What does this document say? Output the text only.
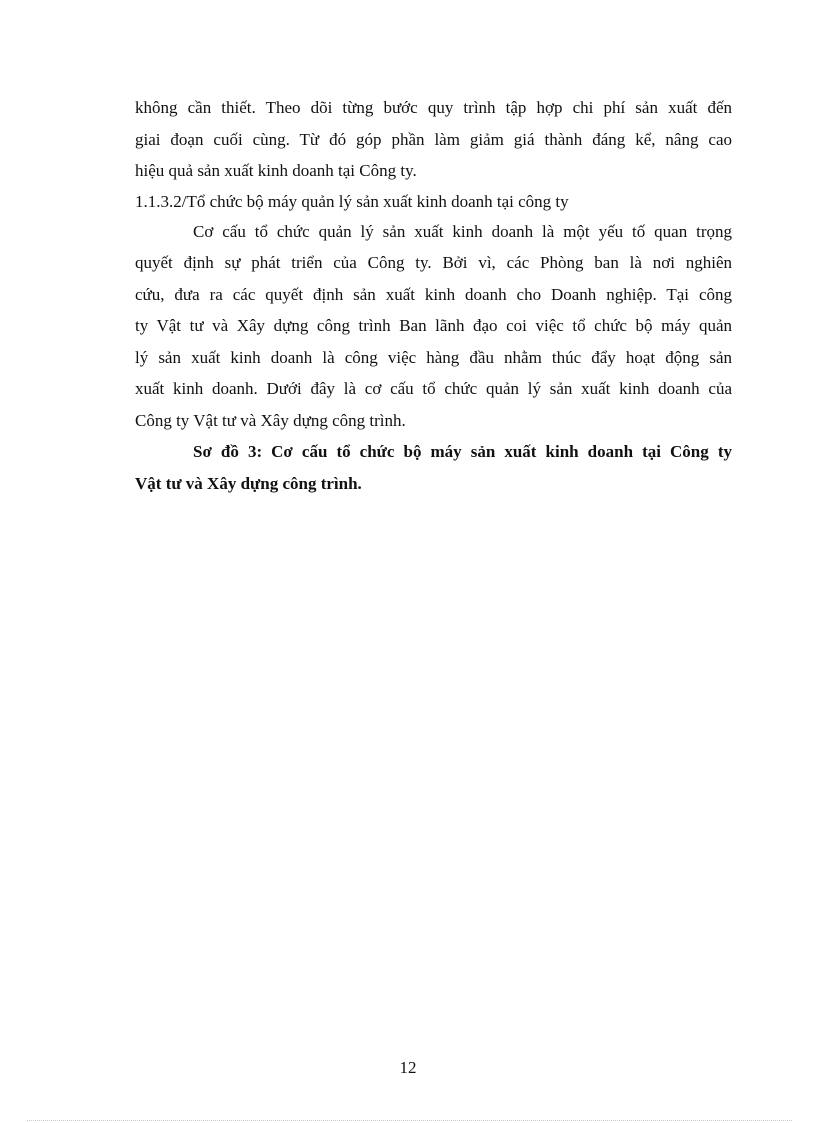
không cần thiết. Theo dõi từng bước quy trình tập hợp chi phí sản xuất đến
giai đoạn cuối cùng. Từ đó góp phần làm giảm giá thành đáng kể, nâng cao
hiệu quả sản xuất kinh doanh tại Công ty.
1.1.3.2/Tổ chức bộ máy quản lý sản xuất kinh doanh tại công ty
Cơ cấu tổ chức quản lý sản xuất kinh doanh là một yếu tố quan trọng
quyết định sự phát triển của Công ty. Bởi vì, các Phòng ban là nơi nghiên
cứu, đưa ra các quyết định sản xuất kinh doanh cho Doanh nghiệp. Tại công
ty Vật tư và Xây dựng công trình Ban lãnh đạo coi việc tổ chức bộ máy quản
lý sản xuất kinh doanh là công việc hàng đầu nhằm thúc đẩy hoạt động sản
xuất kinh doanh. Dưới đây là cơ cấu tổ chức quản lý sản xuất kinh doanh của
Công ty Vật tư và Xây dựng công trình.
Sơ đồ 3: Cơ cấu tổ chức bộ máy sản xuất kinh doanh tại Công ty
Vật tư và Xây dựng công trình.
12
